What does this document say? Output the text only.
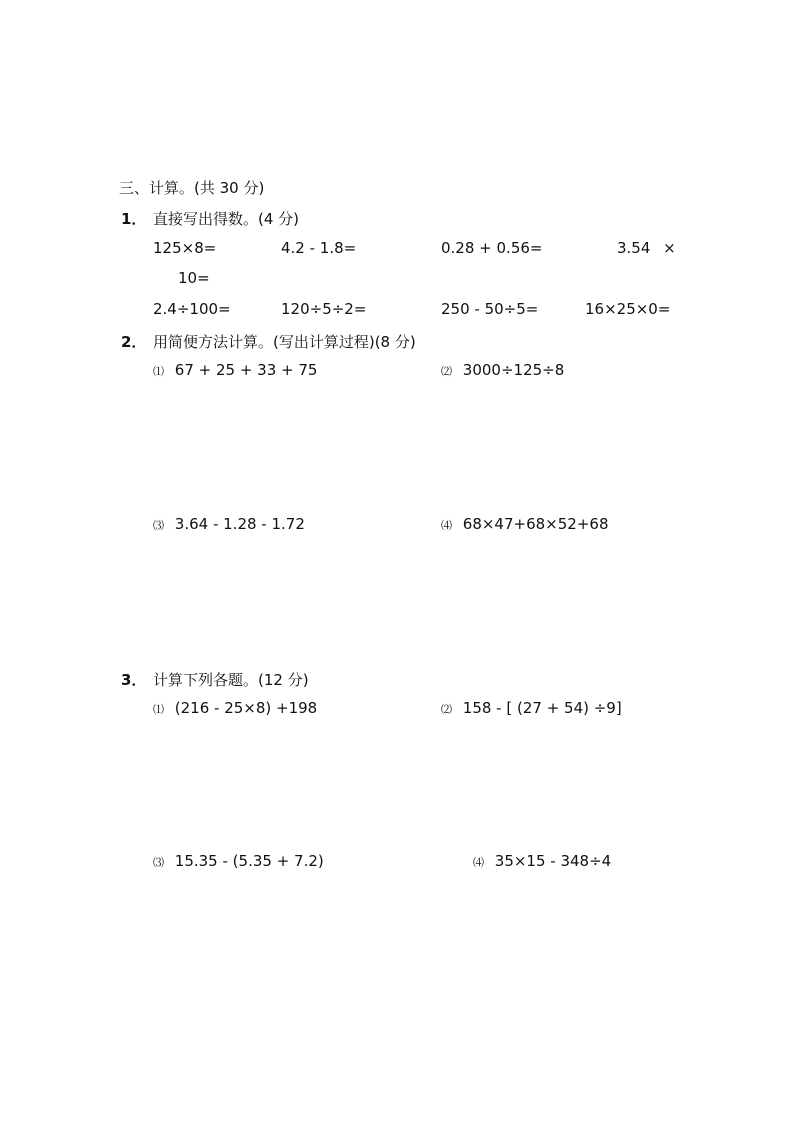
三、计算。(共 30 分)
1． 直接写出得数。(4 分)
125×8=	4.2 - 1.8=	0.28 + 0.56=	3.54 ×
10=
2.4÷100=	120÷5÷2=	250 - 50÷5=	16×25×0=
2． 用简便方法计算。(写出计算过程)(8 分)
⑴ 67 + 25 + 33 + 75	⑵ 3000÷125÷8
⑶ 3.64 - 1.28 - 1.72	⑷ 68×47+68×52+68
3． 计算下列各题。(12 分)
⑴ (216 - 25×8) +198	⑵ 158 - [ (27 + 54) ÷9]
⑶ 15.35 - (5.35 + 7.2)	⑷ 35×15 - 348÷4
